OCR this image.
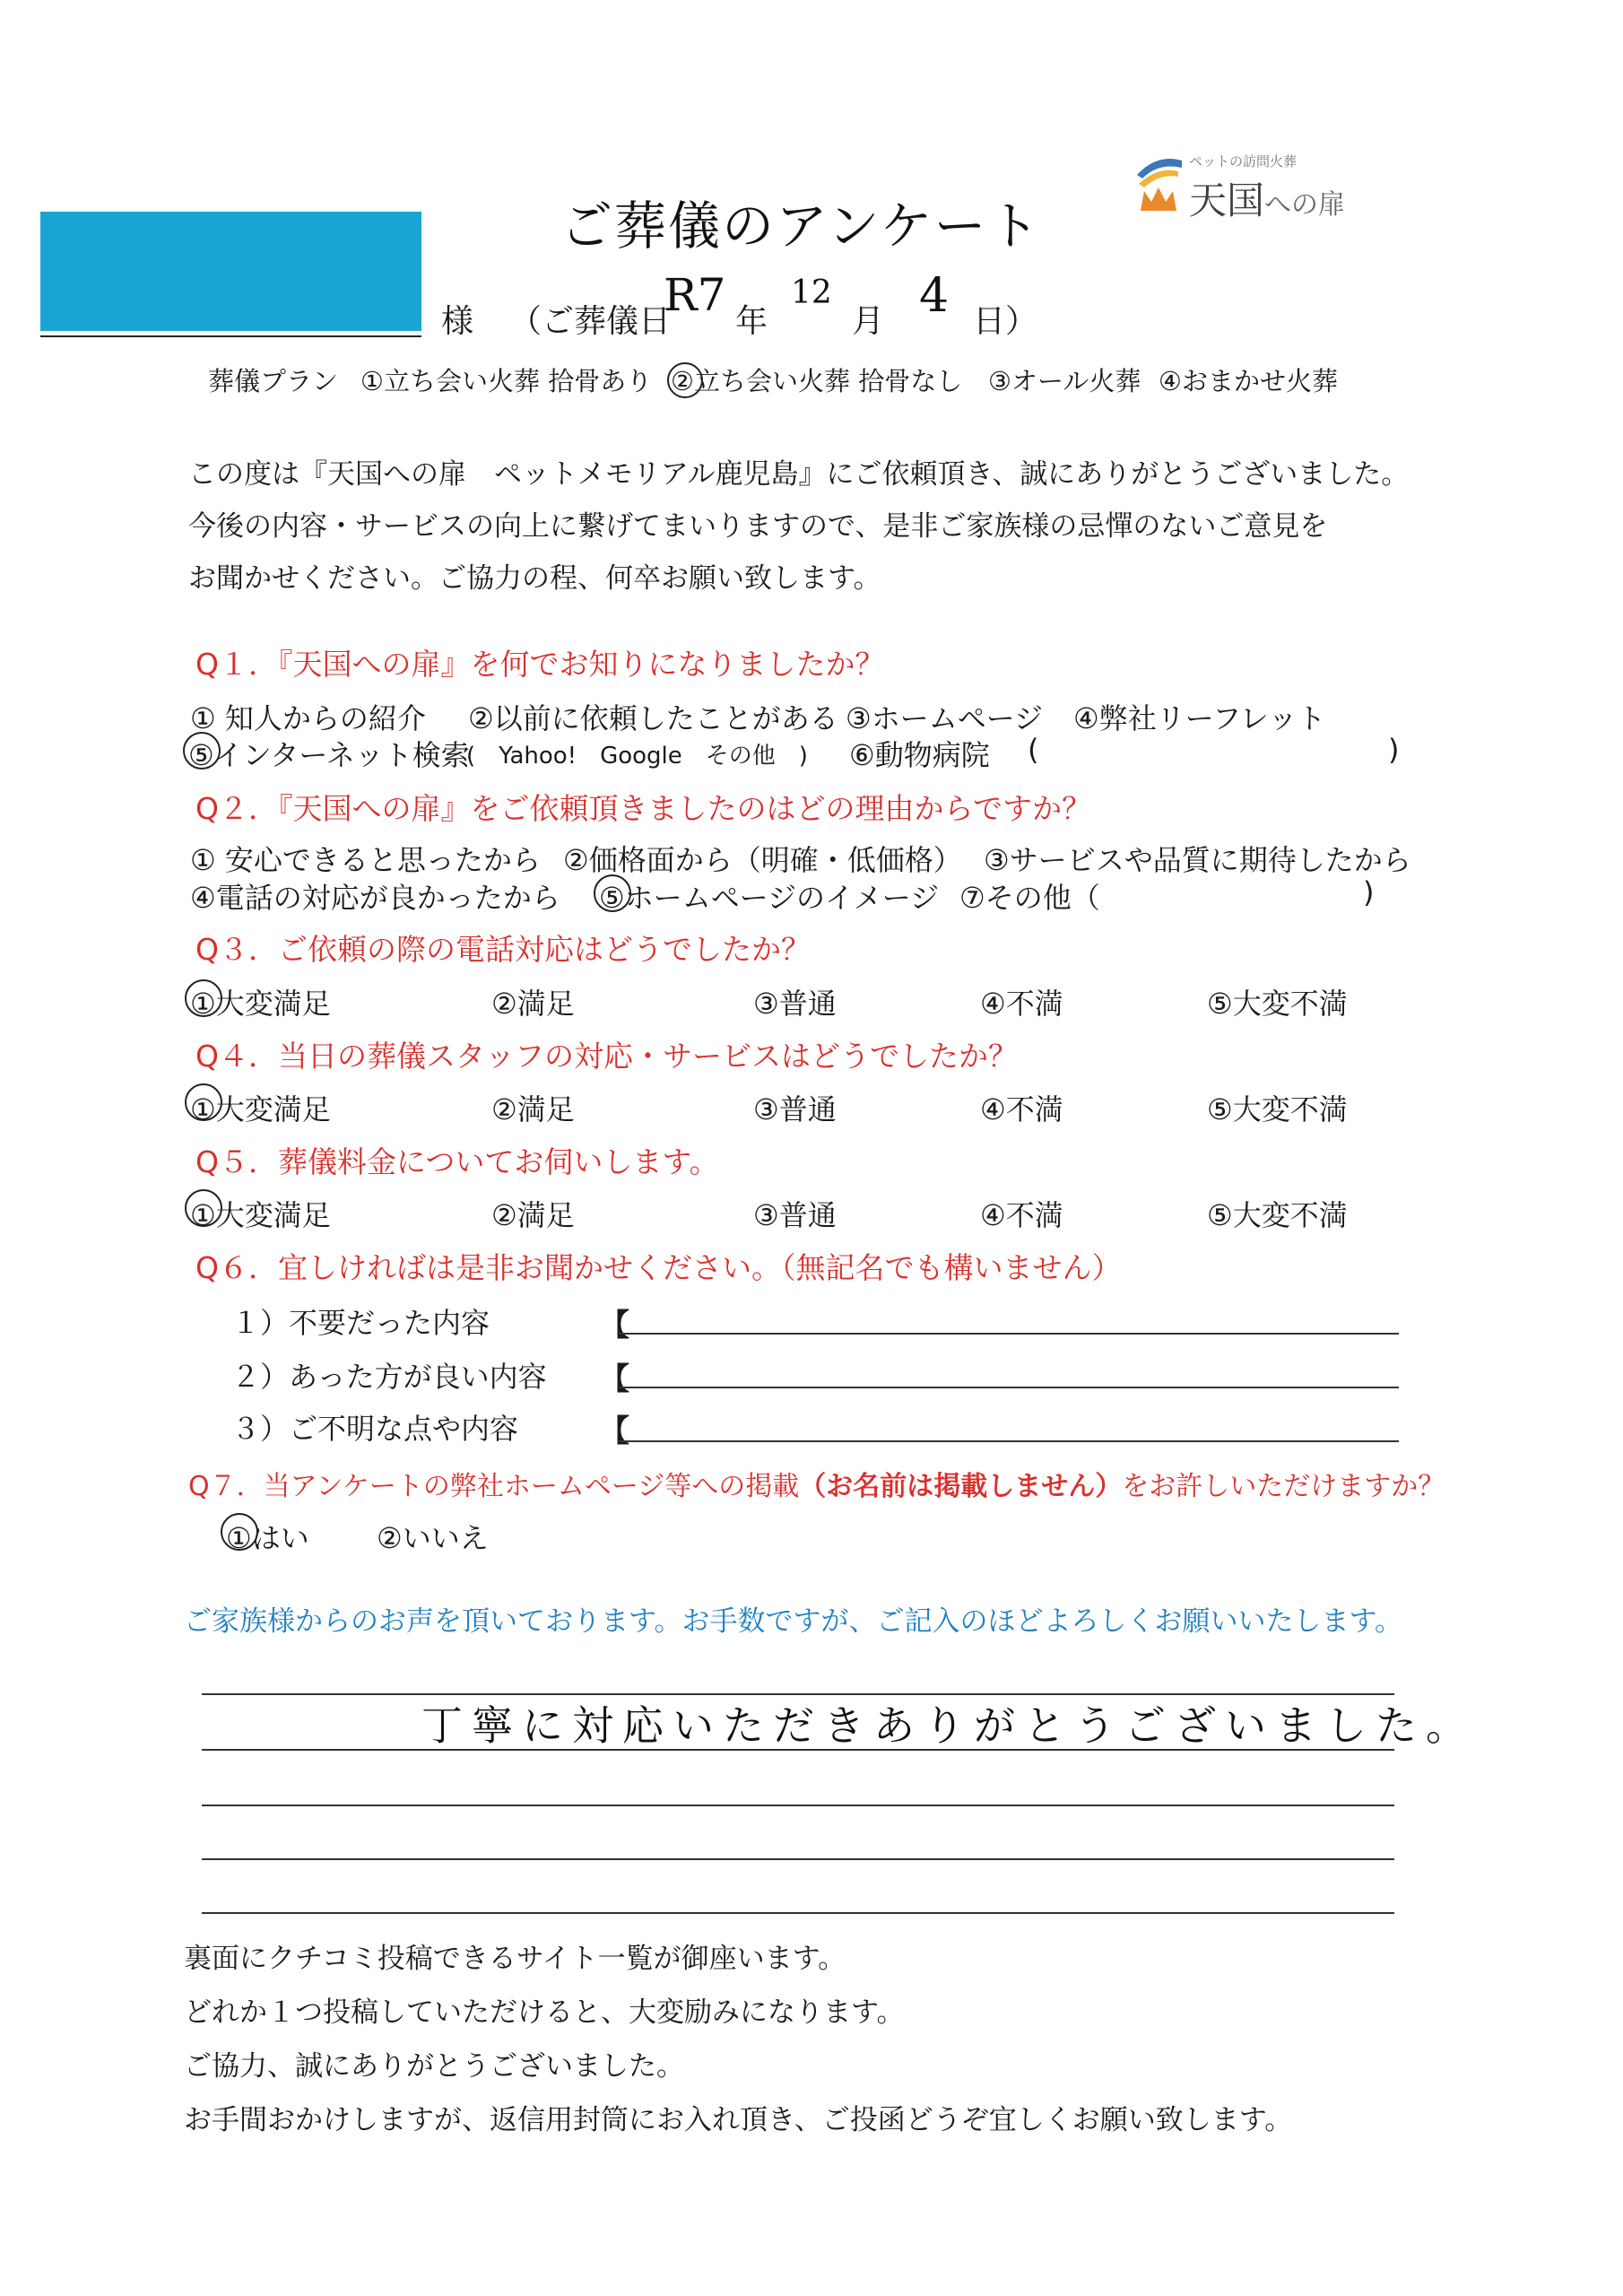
ご葬儀のアンケート
ペットの訪問火葬
天国への扉
様 （ご葬儀日
R7
年
12
月 4 日）
葬儀プラン ①立ち会い火葬 拾骨あり ②立ち会い火葬 拾骨なし ③オール火葬 ④おまかせ火葬
この度は『天国への扉　ペットメモリアル鹿児島』にご依頼頂き、誠にありがとうございました。
今後の内容・サービスの向上に繋げてまいりますので、是非ご家族様の忌憚のないご意見を
お聞かせください。ご協力の程、何卒お願い致します。
Q１．『天国への扉』を何でお知りになりましたか？
① 知人からの紹介 ②以前に依頼したことがある ③ホームページ ④弊社リーフレット
⑤インターネット検索
(　Yahoo!　Google　その他　) ⑥動物病院 (	)
Q２．『天国への扉』をご依頼頂きましたのはどの理由からですか？
① 安心できると思ったから ②価格面から（明確・低価格） ③サービスや品質に期待したから
④電話の対応が良かったから ⑤ホームページのイメージ ⑦その他（	)
Q３．ご依頼の際の電話対応はどうでしたか？
①大変満足	②満足	③普通	④不満	⑤大変不満
Q４．当日の葬儀スタッフの対応・サービスはどうでしたか？
①大変満足	②満足	③普通	④不満	⑤大変不満
Q５．葬儀料金についてお伺いします。
①大変満足	②満足	③普通	④不満	⑤大変不満
Q６．宜しければは是非お聞かせください。（無記名でも構いません）
１）不要だった内容	【
２）あった方が良い内容 【
３）ご不明な点や内容	【
Q７．当アンケートの弊社ホームページ等への掲載（お名前は掲載しません）をお許しいただけますか？
①はい ②いいえ
ご家族様からのお声を頂いております。お手数ですが、ご記入のほどよろしくお願いいたします。
丁寧に対応いただきありがとうございました。
裏面にクチコミ投稿できるサイト一覧が御座います。
どれか１つ投稿していただけると、大変励みになります。
ご協力、誠にありがとうございました。
お手間おかけしますが、返信用封筒にお入れ頂き、ご投函どうぞ宜しくお願い致します。
